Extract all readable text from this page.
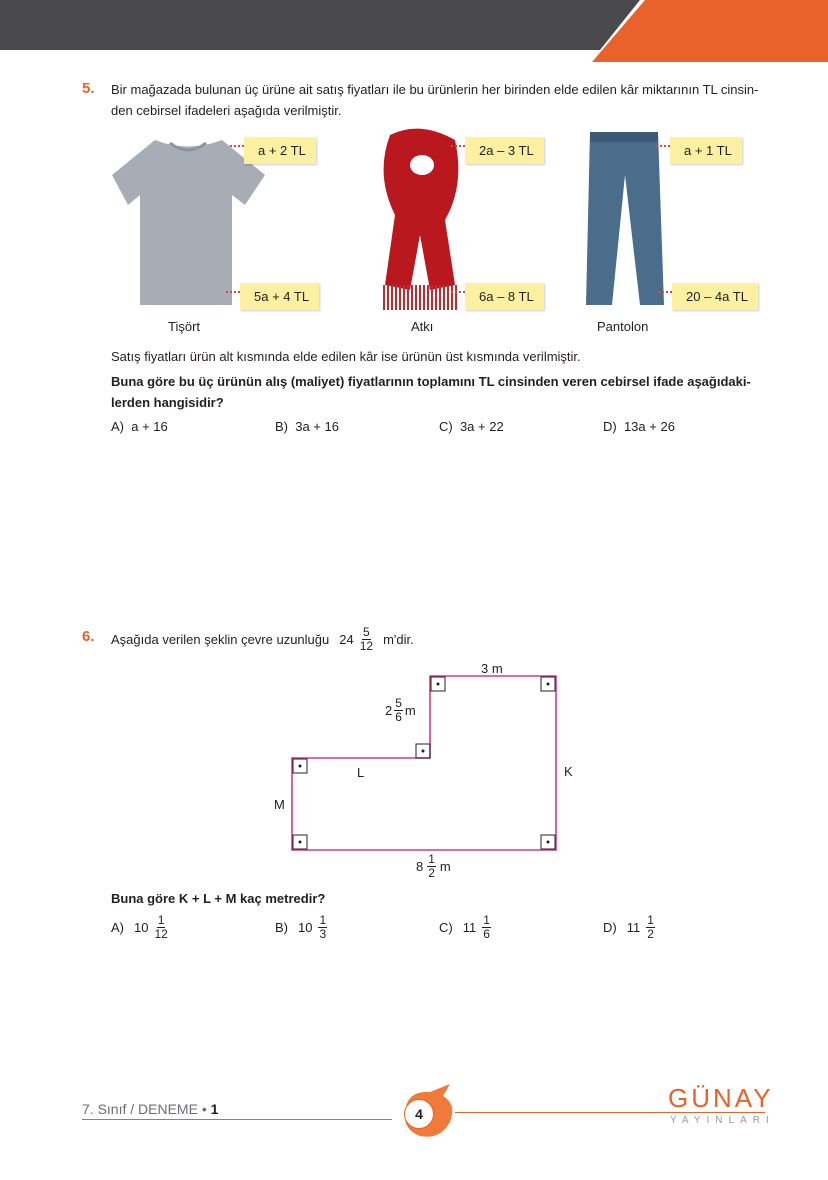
5. Bir mağazada bulunan üç ürüne ait satış fiyatları ile bu ürünlerin her birinden elde edilen kâr miktarının TL cinsin-
den cebirsel ifadeleri aşağıda verilmiştir.
a + 2 TL
5a + 4 TL
Tişört
2a – 3 TL
6a – 8 TL
Atkı
a + 1 TL
20 – 4a TL
Pantolon
Satış fiyatları ürün alt kısmında elde edilen kâr ise ürünün üst kısmında verilmiştir.
Buna göre bu üç ürünün alış (maliyet) fiyatlarının toplamını TL cinsinden veren cebirsel ifade aşağıdaki-
lerden hangisidir?
A) a + 16	B) 3a + 16	C) 3a + 22	D) 13a + 26
6. Aşağıda verilen şeklin çevre uzunluğu $24 \frac{5}{12} m'dir$.
3 m
$2 \frac{5}{6}$ m
L	K
M
$8 \frac{1}{2}$ m
Buna göre K + L + M kaç metredir?
A) $10 \frac{1}{12}$	B) $10 \frac{1}{3}$	C) $11 \frac{1}{6}$	D) $11 \frac{1}{2}$
7. Sınıf / DENEME • 1	4
GÜNAY
YAYINLARI
